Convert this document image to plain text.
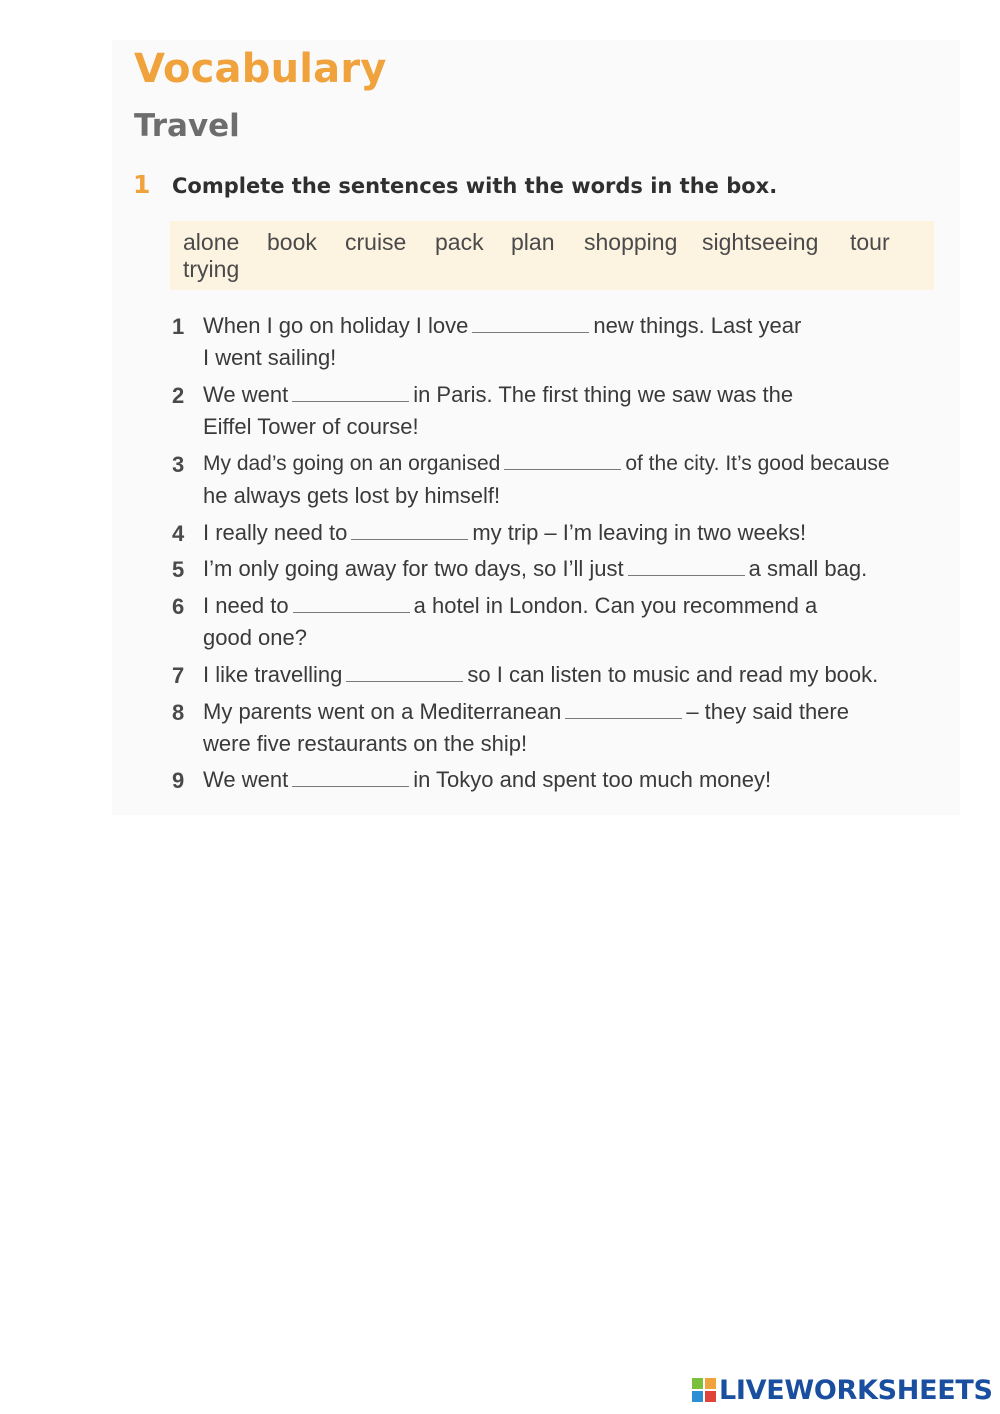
Vocabulary
Travel
1 Complete the sentences with the words in the box.
alone book cruise pack plan shopping sightseeing tour
trying
1 When I go on holiday I love	new things. Last year
I went sailing!
2 We went	in Paris. The first thing we saw was the
Eiffel Tower of course!
3 My dad’s going on an organised	of the city. It’s good because
he always gets lost by himself!
4 I really need to	my trip – I’m leaving in two weeks!
5 I’m only going away for two days, so I’ll just	a small bag.
6 I need to	a hotel in London. Can you recommend a
good one?
7 I like travelling	so I can listen to music and read my book.
8 My parents went on a Mediterranean	– they said there
were five restaurants on the ship!
9 We went	in Tokyo and spent too much money!
LIVEWORKSHEETS
